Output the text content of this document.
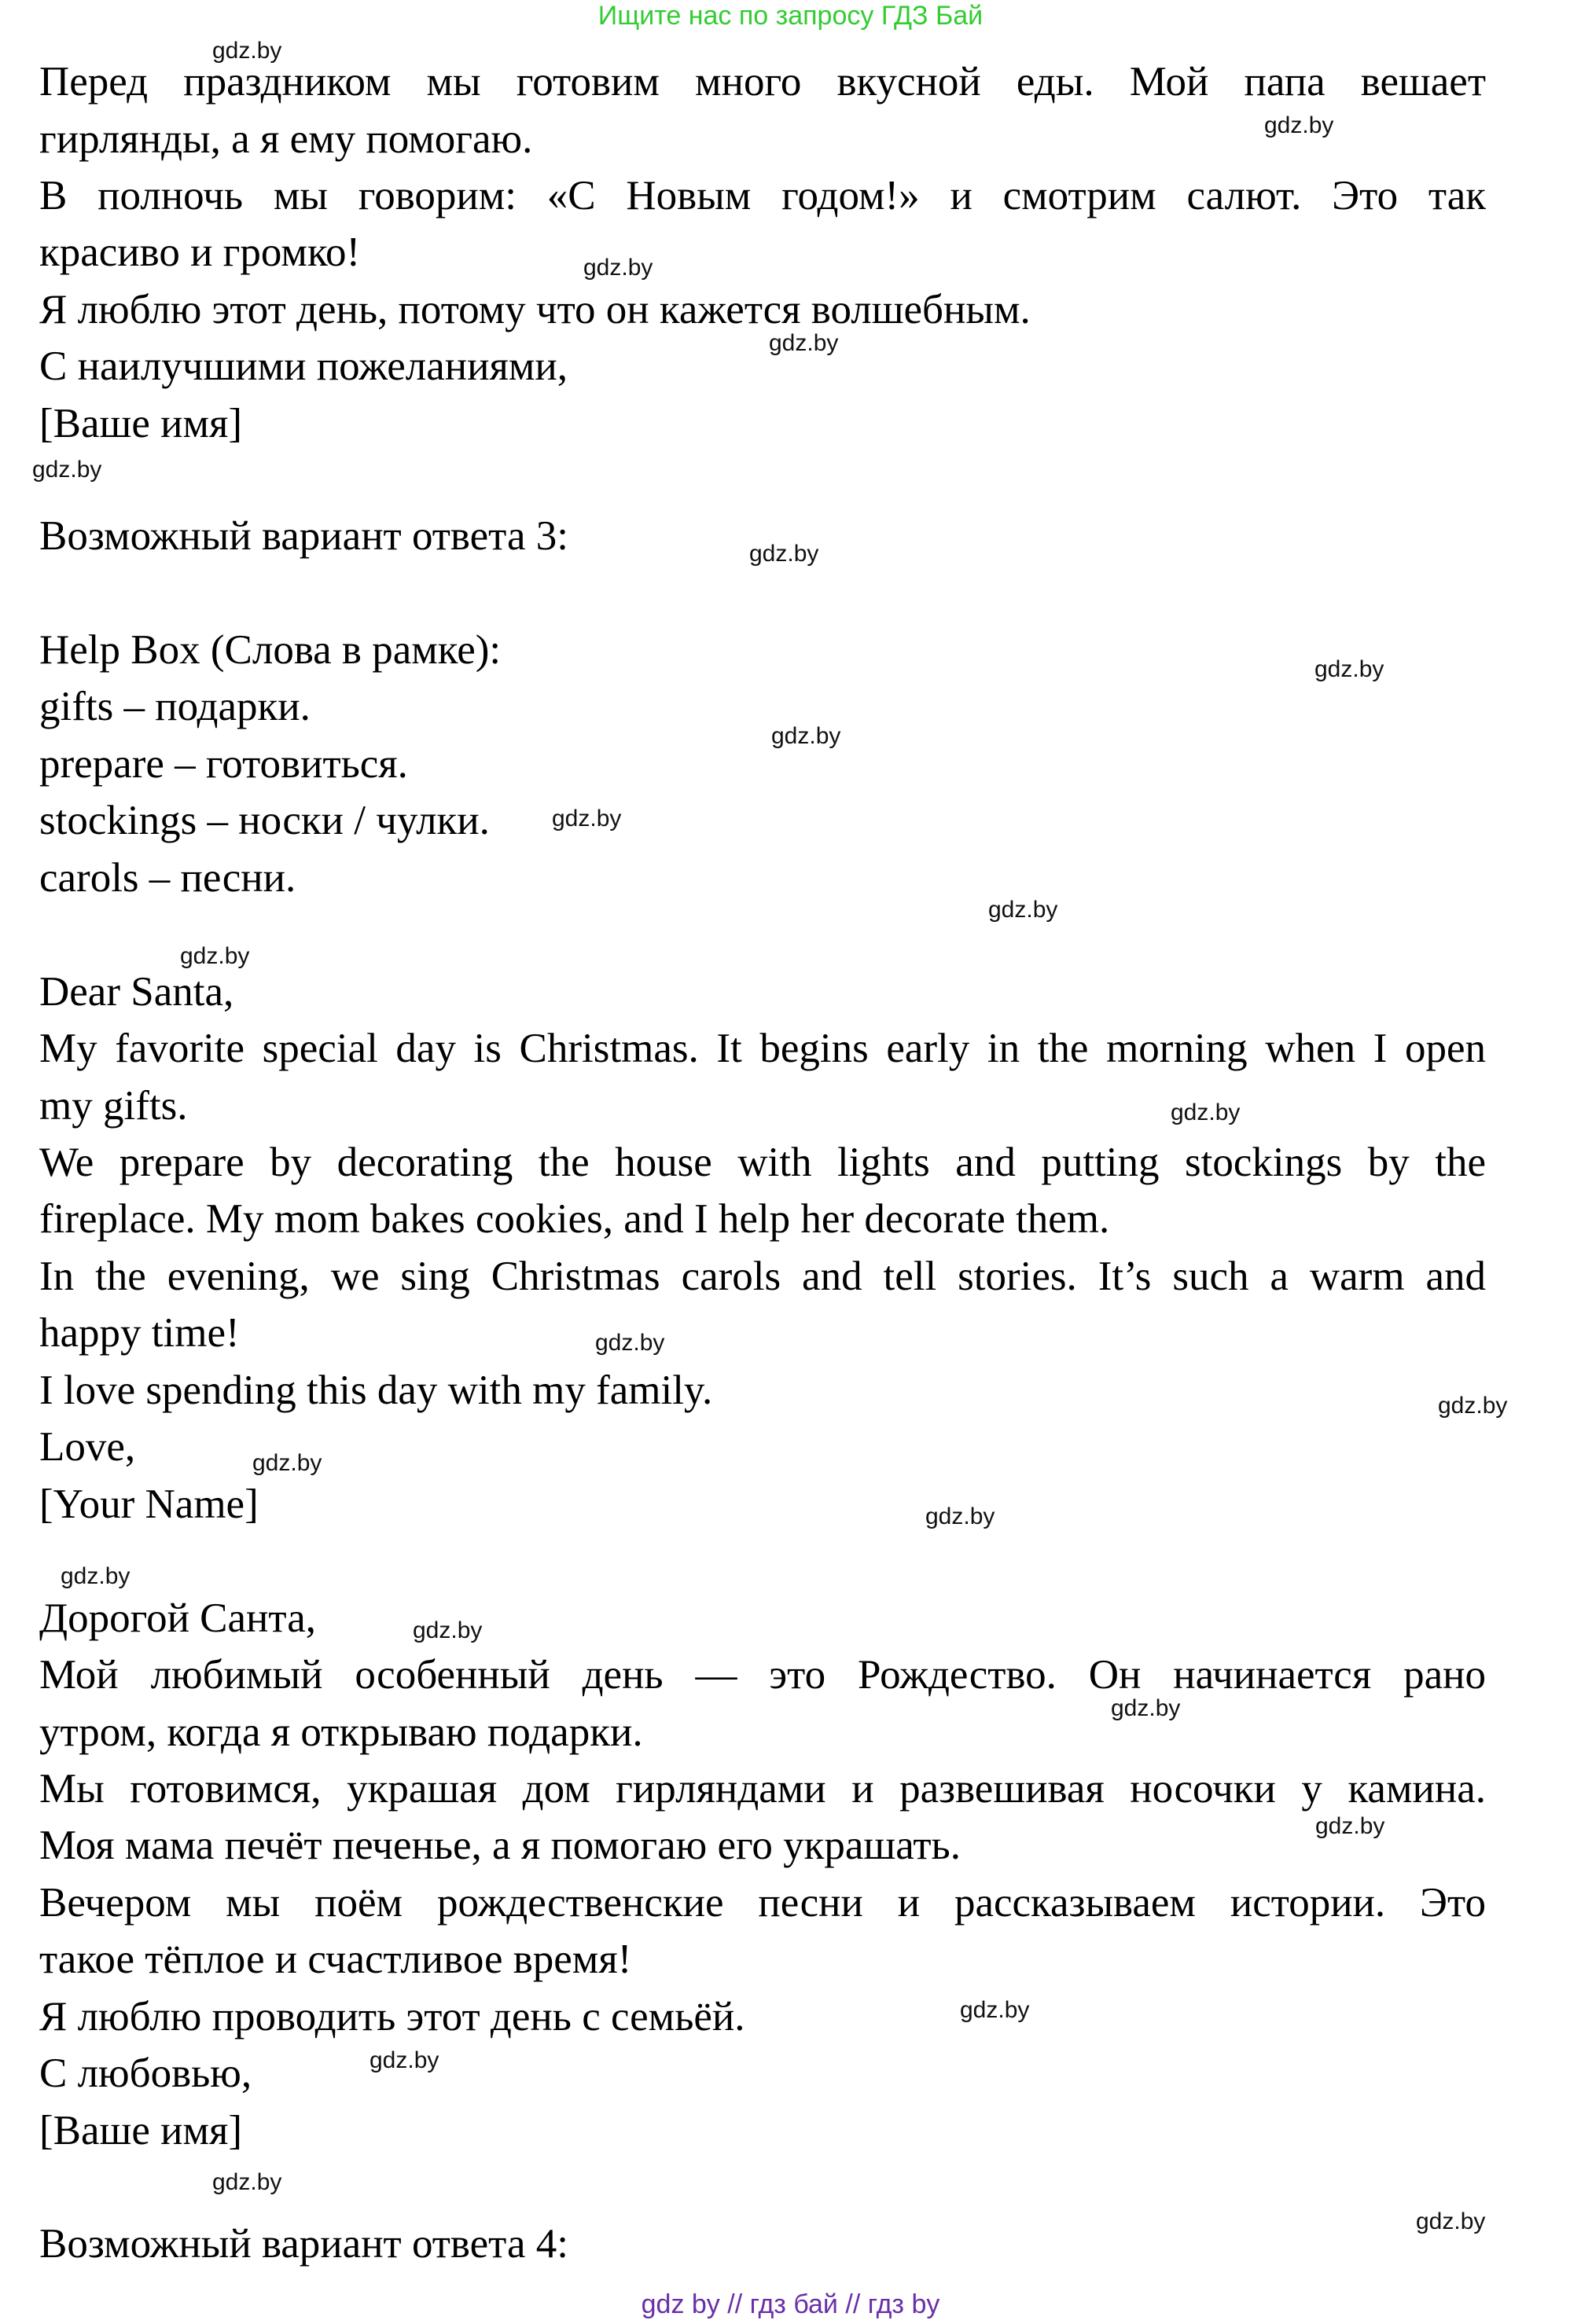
Ищите нас по запросу ГДЗ Бай
Перед праздником мы готовим много вкусной еды. Мой папа вешает
гирлянды, а я ему помогаю.
В полночь мы говорим: «С Новым годом!» и смотрим салют. Это так
красиво и громко!
Я люблю этот день, потому что он кажется волшебным.
С наилучшими пожеланиями,
[Ваше имя]
Возможный вариант ответа 3:
Help Box (Слова в рамке):
gifts – подарки.
prepare – готовиться.
stockings – носки / чулки.
carols – песни.
Dear Santa,
My favorite special day is Christmas. It begins early in the morning when I open
my gifts.
We prepare by decorating the house with lights and putting stockings by the
fireplace. My mom bakes cookies, and I help her decorate them.
In the evening, we sing Christmas carols and tell stories. It’s such a warm and
happy time!
I love spending this day with my family.
Love,
[Your Name]
Дорогой Санта,
Мой любимый особенный день — это Рождество. Он начинается рано
утром, когда я открываю подарки.
Мы готовимся, украшая дом гирляндами и развешивая носочки у камина.
Моя мама печёт печенье, а я помогаю его украшать.
Вечером мы поём рождественские песни и рассказываем истории. Это
такое тёплое и счастливое время!
Я люблю проводить этот день с семьёй.
С любовью,
[Ваше имя]
Возможный вариант ответа 4:
gdz.by
gdz.by
gdz.by
gdz.by
gdz.by
gdz.by
gdz.by
gdz.by
gdz.by
gdz.by
gdz.by
gdz.by
gdz.by
gdz.by
gdz.by
gdz.by
gdz.by
gdz.by
gdz.by
gdz.by
gdz.by
gdz.by
gdz.by
gdz.by
gdz by // гдз бай // гдз by
